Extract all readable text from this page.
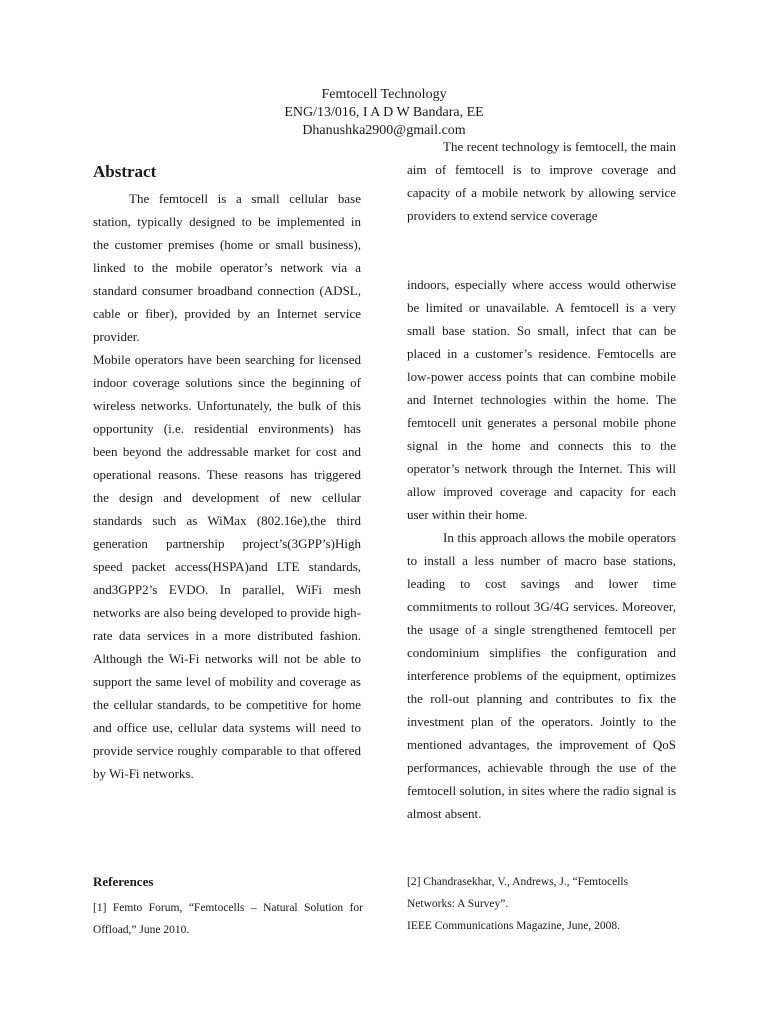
Femtocell Technology
ENG/13/016, I A D W Bandara, EE
Dhanushka2900@gmail.com
Abstract

The femtocell is a small cellular base station, typically designed to be implemented in the customer premises (home or small business), linked to the mobile operator’s network via a standard consumer broadband connection (ADSL, cable or fiber), provided by an Internet service provider.

Mobile operators have been searching for licensed indoor coverage solutions since the beginning of wireless networks. Unfortunately, the bulk of this opportunity (i.e. residential environments) has been beyond the addressable market for cost and operational reasons. These reasons has triggered the design and development of new cellular standards such as WiMax (802.16e),the third generation partnership project’s(3GPP’s)High speed packet access(HSPA)and LTE standards, and3GPP2’s EVDO. In parallel, WiFi mesh networks are also being developed to provide high-rate data services in a more distributed fashion. Although the Wi-Fi networks will not be able to support the same level of mobility and coverage as the cellular standards, to be competitive for home and office use, cellular data systems will need to provide service roughly comparable to that offered by Wi-Fi networks.

The recent technology is femtocell, the main aim of femtocell is to improve coverage and capacity of a mobile network by allowing service providers to extend service coverage

indoors, especially where access would otherwise be limited or unavailable. A femtocell is a very small base station. So small, infect that can be placed in a customer’s residence. Femtocells are low-power access points that can combine mobile and Internet technologies within the home. The femtocell unit generates a personal mobile phone signal in the home and connects this to the operator’s network through the Internet. This will allow improved coverage and capacity for each user within their home.

In this approach allows the mobile operators to install a less number of macro base stations, leading to cost savings and lower time commitments to rollout 3G/4G services. Moreover, the usage of a single strengthened femtocell per condominium simplifies the configuration and interference problems of the equipment, optimizes the roll-out planning and contributes to fix the investment plan of the operators. Jointly to the mentioned advantages, the improvement of QoS performances, achievable through the use of the femtocell solution, in sites where the radio signal is almost absent.

References
[1] Femto Forum, “Femtocells – Natural Solution for Offload,” June 2010.
[2] Chandrasekhar, V., Andrews, J., “Femtocells Networks: A Survey”.
IEEE Communications Magazine, June, 2008.
